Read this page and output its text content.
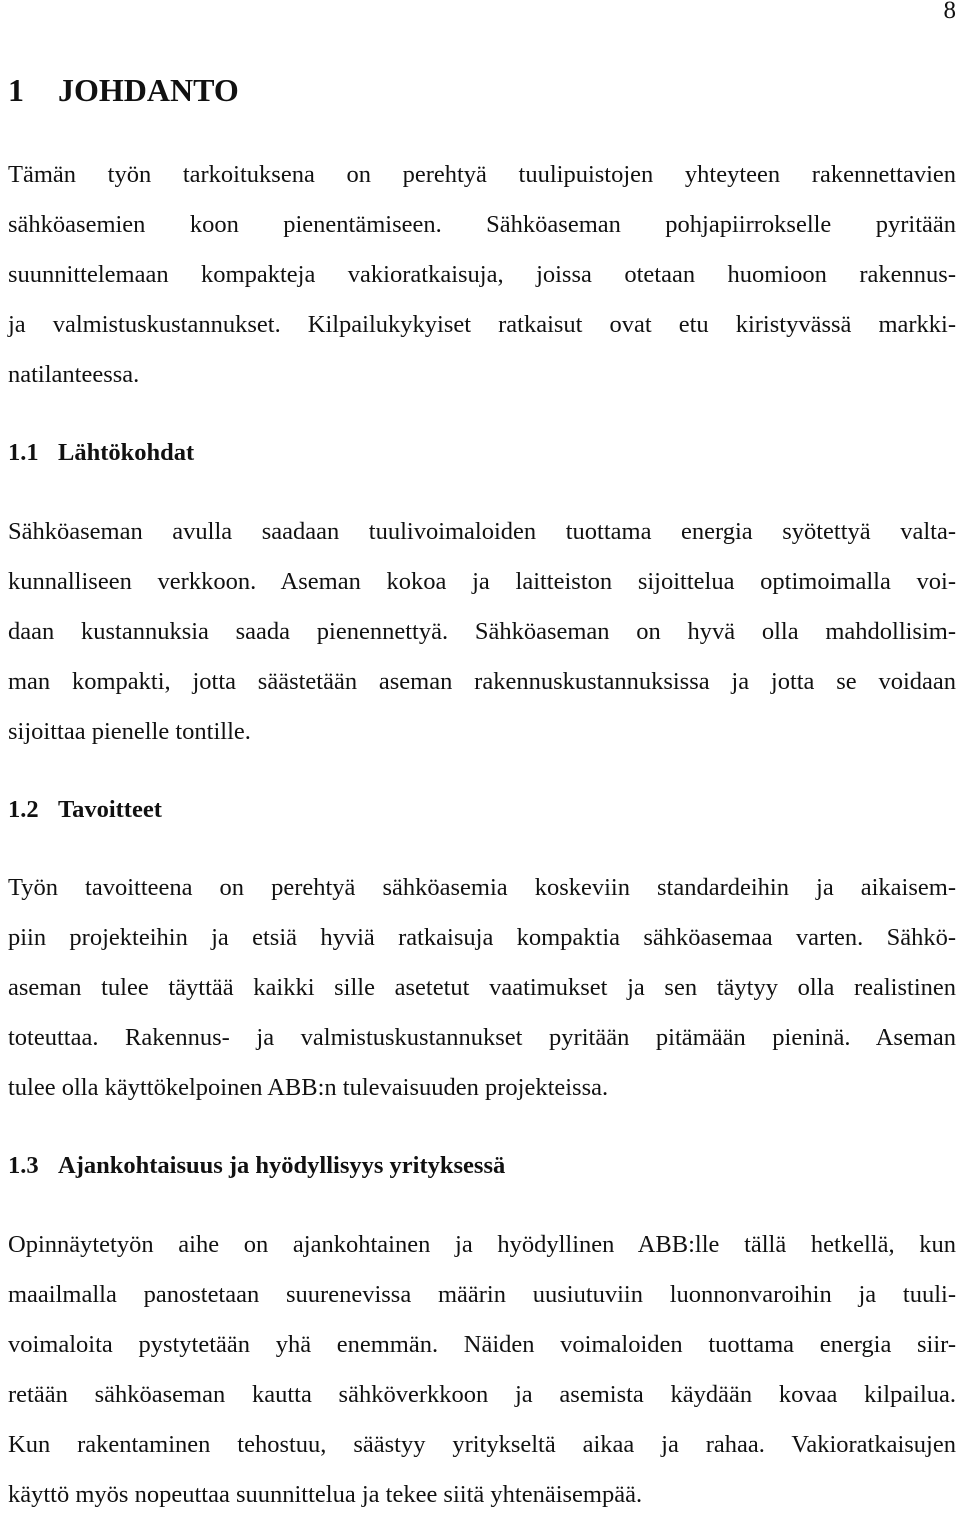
8
1 JOHDANTO

Tämän työn tarkoituksena on perehtyä tuulipuistojen yhteyteen rakennettavien
sähköasemien koon pienentämiseen. Sähköaseman pohjapiirrokselle pyritään
suunnittelemaan kompakteja vakioratkaisuja, joissa otetaan huomioon rakennus-
ja valmistuskustannukset. Kilpailukykyiset ratkaisut ovat etu kiristyvässä markki-
natilanteessa.

1.1 Lähtökohdat

Sähköaseman avulla saadaan tuulivoimaloiden tuottama energia syötettyä valta-
kunnalliseen verkkoon. Aseman kokoa ja laitteiston sijoittelua optimoimalla voi-
daan kustannuksia saada pienennettyä. Sähköaseman on hyvä olla mahdollisim-
man kompakti, jotta säästetään aseman rakennuskustannuksissa ja jotta se voidaan
sijoittaa pienelle tontille.

1.2 Tavoitteet

Työn tavoitteena on perehtyä sähköasemia koskeviin standardeihin ja aikaisem-
piin projekteihin ja etsiä hyviä ratkaisuja kompaktia sähköasemaa varten. Sähkö-
aseman tulee täyttää kaikki sille asetetut vaatimukset ja sen täytyy olla realistinen
toteuttaa. Rakennus- ja valmistuskustannukset pyritään pitämään pieninä. Aseman
tulee olla käyttökelpoinen ABB:n tulevaisuuden projekteissa.

1.3 Ajankohtaisuus ja hyödyllisyys yrityksessä

Opinnäytetyön aihe on ajankohtainen ja hyödyllinen ABB:lle tällä hetkellä, kun
maailmalla panostetaan suurenevissa määrin uusiutuviin luonnonvaroihin ja tuuli-
voimaloita pystytetään yhä enemmän. Näiden voimaloiden tuottama energia siir-
retään sähköaseman kautta sähköverkkoon ja asemista käydään kovaa kilpailua.
Kun rakentaminen tehostuu, säästyy yritykseltä aikaa ja rahaa. Vakioratkaisujen
käyttö myös nopeuttaa suunnittelua ja tekee siitä yhtenäisempää.
